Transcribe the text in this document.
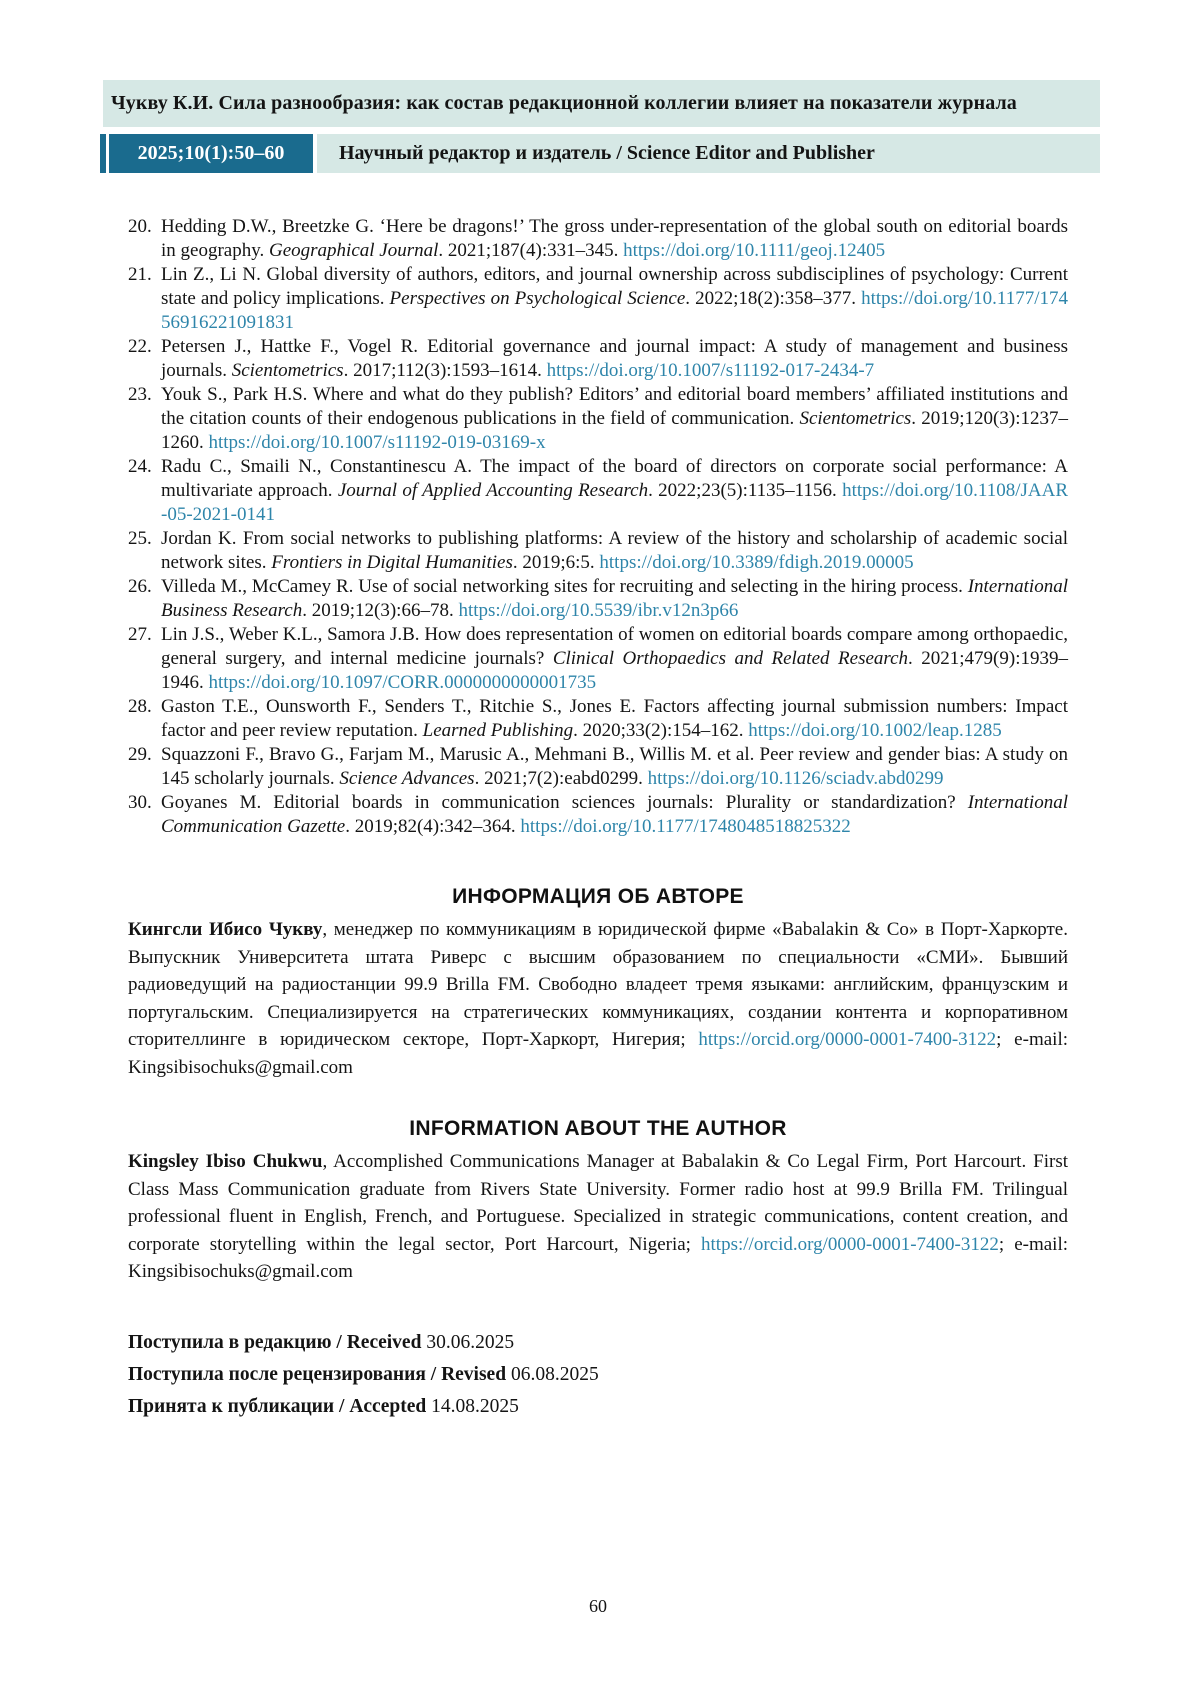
Чукву К.И. Сила разнообразия: как состав редакционной коллегии влияет на показатели журнала
2025;10(1):50–60	Научный редактор и издатель / Science Editor and Publisher
20. Hedding D.W., Breetzke G. ‘Here be dragons!’ The gross under-representation of the global south on editorial boards in geography. Geographical Journal. 2021;187(4):331–345. https://doi.org/10.1111/geoj.12405
21. Lin Z., Li N. Global diversity of authors, editors, and journal ownership across subdisciplines of psychology: Current state and policy implications. Perspectives on Psychological Science. 2022;18(2):358–377. https://doi.org/10.1177/17456916221091831
22. Petersen J., Hattke F., Vogel R. Editorial governance and journal impact: A study of management and business journals. Scientometrics. 2017;112(3):1593–1614. https://doi.org/10.1007/s11192-017-2434-7
23. Youk S., Park H.S. Where and what do they publish? Editors’ and editorial board members’ affiliated institutions and the citation counts of their endogenous publications in the field of communication. Scientometrics. 2019;120(3):1237–1260. https://doi.org/10.1007/s11192-019-03169-x
24. Radu C., Smaili N., Constantinescu A. The impact of the board of directors on corporate social performance: A multivariate approach. Journal of Applied Accounting Research. 2022;23(5):1135–1156. https://doi.org/10.1108/JAAR-05-2021-0141
25. Jordan K. From social networks to publishing platforms: A review of the history and scholarship of academic social network sites. Frontiers in Digital Humanities. 2019;6:5. https://doi.org/10.3389/fdigh.2019.00005
26. Villeda M., McCamey R. Use of social networking sites for recruiting and selecting in the hiring process. International Business Research. 2019;12(3):66–78. https://doi.org/10.5539/ibr.v12n3p66
27. Lin J.S., Weber K.L., Samora J.B. How does representation of women on editorial boards compare among orthopaedic, general surgery, and internal medicine journals? Clinical Orthopaedics and Related Research. 2021;479(9):1939–1946. https://doi.org/10.1097/CORR.0000000000001735
28. Gaston T.E., Ounsworth F., Senders T., Ritchie S., Jones E. Factors affecting journal submission numbers: Impact factor and peer review reputation. Learned Publishing. 2020;33(2):154–162. https://doi.org/10.1002/leap.1285
29. Squazzoni F., Bravo G., Farjam M., Marusic A., Mehmani B., Willis M. et al. Peer review and gender bias: A study on 145 scholarly journals. Science Advances. 2021;7(2):eabd0299. https://doi.org/10.1126/sciadv.abd0299
30. Goyanes M. Editorial boards in communication sciences journals: Plurality or standardization? International Communication Gazette. 2019;82(4):342–364. https://doi.org/10.1177/1748048518825322
ИНФОРМАЦИЯ ОБ АВТОРЕ

Кингсли Ибисо Чукву, менеджер по коммуникациям в юридической фирме «Babalakin & Co» в Порт-Харкорте. Выпускник Университета штата Риверс с высшим образованием по специальности «СМИ». Бывший радиоведущий на радиостанции 99.9 Brilla FM. Свободно владеет тремя языками: английским, французским и португальским. Специализируется на стратегических коммуникациях, создании контента и корпоративном сторителлинге в юридическом секторе, Порт-Харкорт, Нигерия; https://orcid.org/0000-0001-7400-3122; e-mail: Kingsibisochuks@gmail.com

INFORMATION ABOUT THE AUTHOR

Kingsley Ibiso Chukwu, Accomplished Communications Manager at Babalakin & Co Legal Firm, Port Harcourt. First Class Mass Communication graduate from Rivers State University. Former radio host at 99.9 Brilla FM. Trilingual professional fluent in English, French, and Portuguese. Specialized in strategic communications, content creation, and corporate storytelling within the legal sector, Port Harcourt, Nigeria; https://orcid.org/0000-0001-7400-3122; e-mail: Kingsibisochuks@gmail.com

Поступила в редакцию / Received 30.06.2025
Поступила после рецензирования / Revised 06.08.2025
Принята к публикации / Accepted 14.08.2025
60
